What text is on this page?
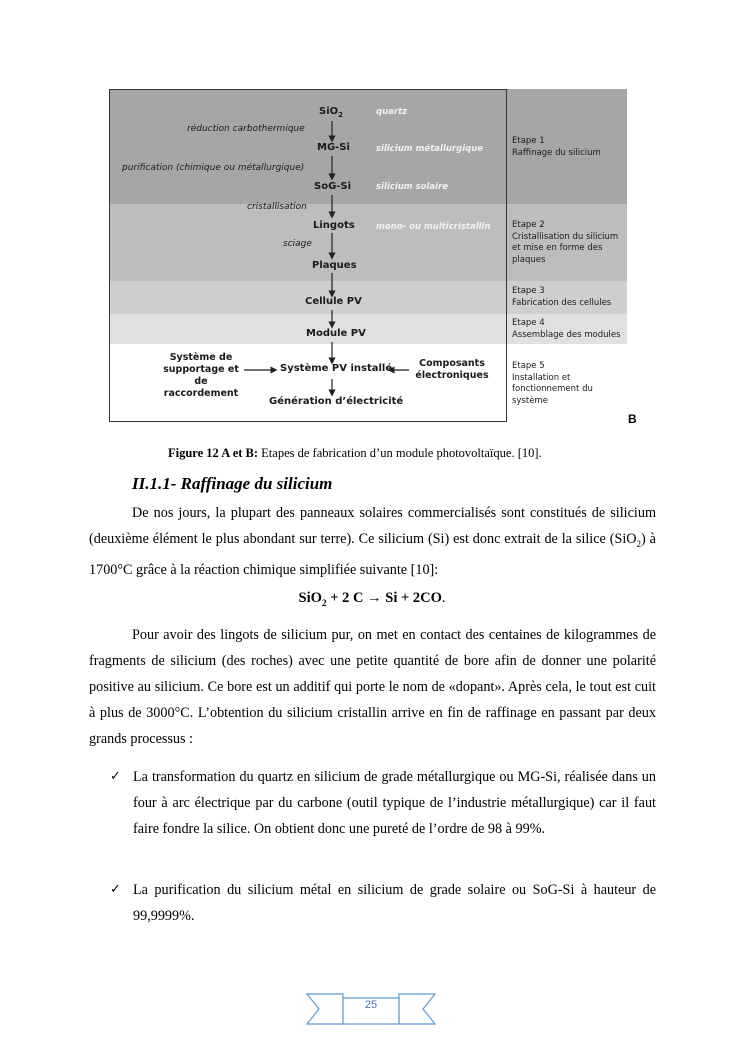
SiO$_2$
MG-Si
SoG-Si
Lingots
Plaques
Cellule PV
Module PV
Système PV installé
Génération d’électricité
réduction carbothermique
purification (chimique ou métallurgique)
cristallisation
sciage
quartz
silicium métallurgique
silicium solaire
mono- ou multicristallin
Système de supportage et de raccordement
Composants électroniques
Etape 1
Raffinage du silicium
Etape 2
Cristallisation du silicium et mise en forme des plaques
Etape 3
Fabrication des cellules
Etape 4
Assemblage des modules
Etape 5
Installation et fonctionnement du système
B
Figure 12 A et B: Etapes de fabrication d’un module photovoltaïque. [10].
II.1.1- Raffinage du silicium

De nos jours, la plupart des panneaux solaires commercialisés sont constitués de silicium (deuxième élément le plus abondant sur terre). Ce silicium (Si) est donc extrait de la silice (SiO$_2$) à 1700°C grâce à la réaction chimique simplifiée suivante [10]:

SiO$_2$ + 2 C → Si + 2CO.

Pour avoir des lingots de silicium pur, on met en contact des centaines de kilogrammes de fragments de silicium (des roches) avec une petite quantité de bore afin de donner une polarité positive au silicium. Ce bore est un additif qui porte le nom de «dopant». Après cela, le tout est cuit à plus de 3000°C. L’obtention du silicium cristallin arrive en fin de raffinage en passant par deux grands processus :

✓ La transformation du quartz en silicium de grade métallurgique ou MG-Si, réalisée dans un four à arc électrique par du carbone (outil typique de l’industrie métallurgique) car il faut faire fondre la silice. On obtient donc une pureté de l’ordre de 98 à 99%.
✓ La purification du silicium métal en silicium de grade solaire ou SoG-Si à hauteur de 99,9999%.
25
